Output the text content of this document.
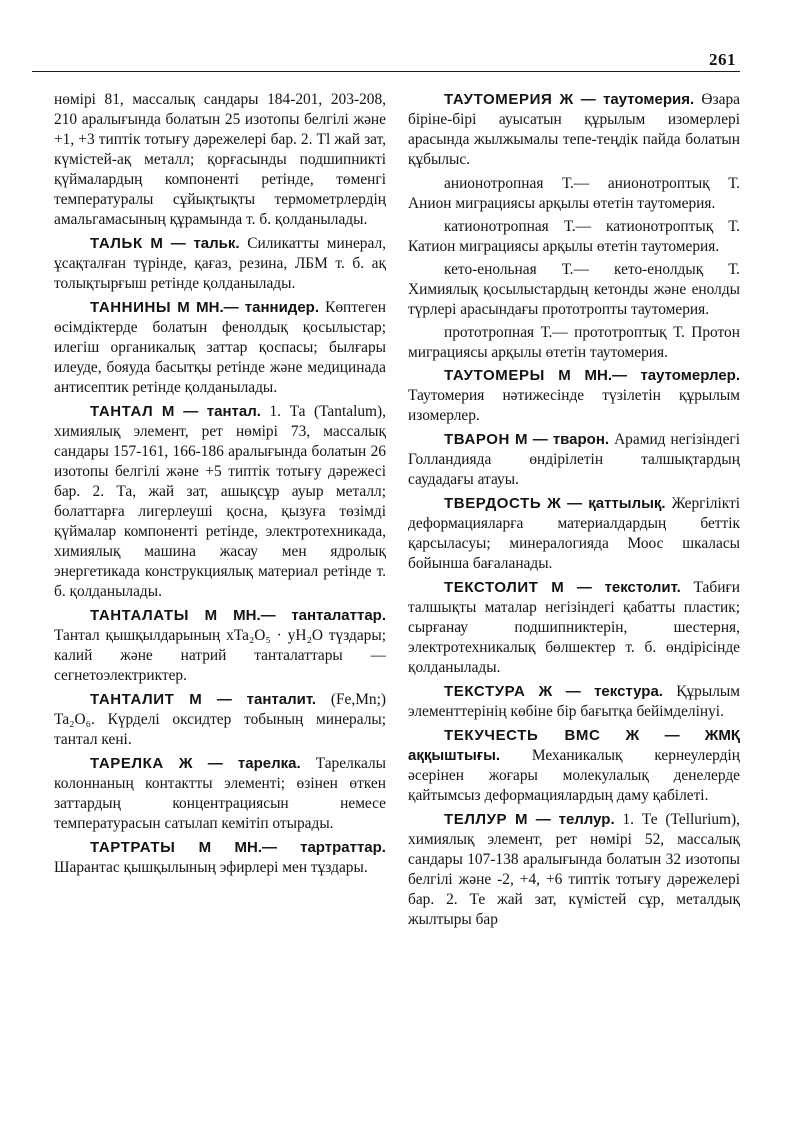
261

нөмірі 81, массалық сандары 184-201, 203-208, 210 аралығында болатын 25 изотопы белгілі және +1, +3 типтік тотығу дәрежелері бар. 2. Tl жай зат, күмістей-ақ металл; қорғасынды подшипникті қүймалардың компоненті ретінде, төменгі температуралы сұйықтықты термометрлердің амальгамасының құрамында т. б. қолданылады.

ТАЛЬК М — тальк. Силикатты минерал, ұсақталған түрінде, қағаз, резина, ЛБМ т. б. ақ толықтырғыш ретінде қолданылады.

ТАННИНЫ М МН.— таннидер. Көптеген өсімдіктерде болатын фенолдық қосылыстар; илегіш органикалық заттар қоспасы; былғары илеуде, бояуда басытқы ретінде және медицинада антисептик ретінде қолданылады.

ТАНТАЛ М — тантал. 1. Та (Tantalum), химиялық элемент, рет нөмірі 73, массалық сандары 157-161, 166-186 аралығында болатын 26 изотопы белгілі және +5 типтік тотығу дәрежесі бар. 2. Та, жай зат, ашықсұр ауыр металл; болаттарға лигерлеуші қосна, қызуға төзімді қүймалар компоненті ретінде, электротехникада, химиялық машина жасау мен ядролық энергетикада конструкциялық материал ретінде т. б. қолданылады.

ТАНТАЛАТЫ М МН.— танталаттар. Тантал қышқылдарының xTa₂O₅ · yH₂O түздары; калий және натрий танталаттары — сегнетоэлектриктер.

ТАНТАЛИТ М — танталит. (Fe,Mn;) Ta₂O₆. Күрделі оксидтер тобының минералы; тантал кені.

ТАРЕЛКА Ж — тарелка. Тарелкалы колоннаның контактты элементі; өзінен өткен заттардың концентрациясын немесе температурасын сатылап кемітіп отырады.

ТАРТРАТЫ М МН.— тартраттар. Шарантас қышқылының эфирлері мен тұздары.

ТАУТОМЕРИЯ Ж — таутомерия. Өзара бірінe-бірі ауысатын құрылым изомерлері арасында жылжымалы тепе-теңдік пайда болатын құбылыс.

анионотропная Т.— анионотроптық Т. Анион миграциясы арқылы өтетін таутомерия.

катионотропная Т.— катионотроптық Т. Катион миграциясы арқылы өтетін таутомерия.

кето-енольная Т.— кето-енолдық Т. Химиялық қосылыстардың кетонды және енолды түрлері арасындағы прототропты таутомерия.

прототропная Т.— прототроптық Т. Протон миграциясы арқылы өтетін таутомерия.

ТАУТОМЕРЫ М МН.— таутомерлер. Таутомерия нәтижесінде түзілетін құрылым изомерлер.

ТВАРОН М — тварон. Арамид негізіндегі Голландияда өндірілетін талшықтардың саудадағы атауы.

ТВЕРДОСТЬ Ж — қаттылық. Жергілікті деформацияларға материалдардың беттік қарсыласуы; минералогияда Моос шкаласы бойынша бағаланады.

ТЕКСТОЛИТ М — текстолит. Табиғи талшықты маталар негізіндегі қабатты пластик; сырғанау подшипниктерін, шестерня, электротехникалық бөлшектер т. б. өндірісінде қолданылады.

ТЕКСТУРА Ж — текстура. Құрылым элементтерінің көбіне бір бағытқа бейімделінуі.

ТЕКУЧЕСТЬ ВМС Ж — ЖМҚ аққыштығы. Механикалық кернеулердің әсерінен жоғары молекулалық денелерде қайтымсыз деформациялардың даму қабілеті.

ТЕЛЛУР М — теллур. 1. Те (Tellurium), химиялық элемент, рет нөмірі 52, массалық сандары 107-138 аралығында болатын 32 изотопы белгілі және -2, +4, +6 типтік тотығу дәрежелері бар. 2. Те жай зат, күмістей сұр, металдық жылтыры бар
